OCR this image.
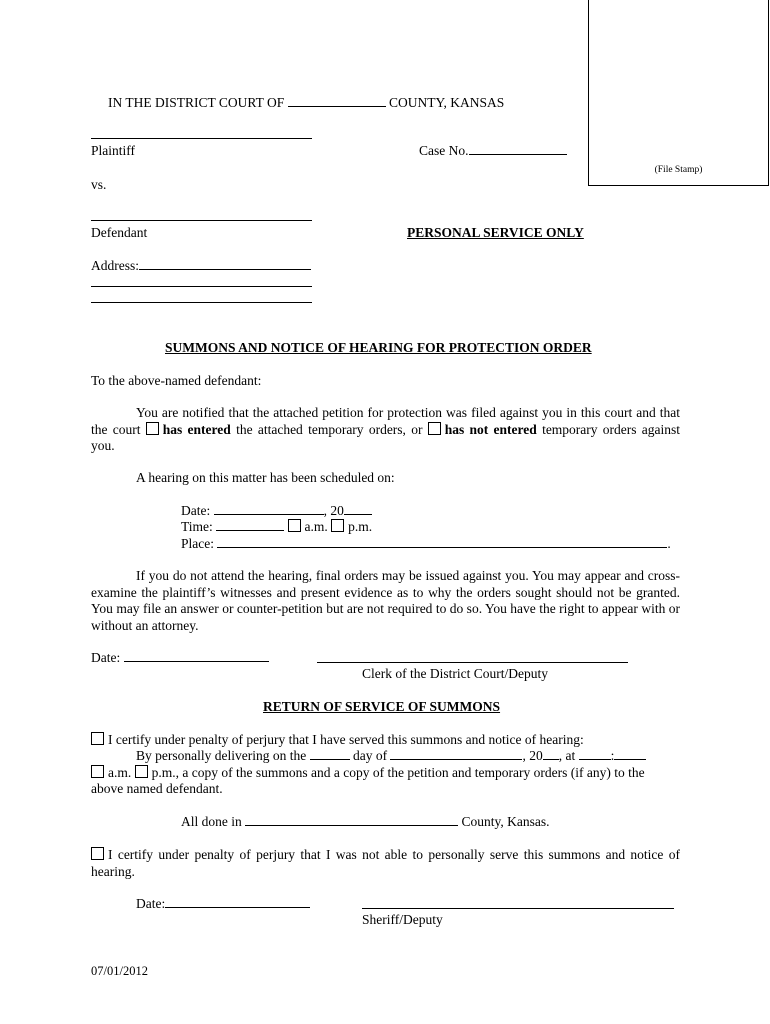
(File Stamp)
IN THE DISTRICT COURT OF	COUNTY, KANSAS
Plaintiff	Case No.
vs.
Defendant	PERSONAL SERVICE ONLY
Address:
SUMMONS AND NOTICE OF HEARING FOR PROTECTION ORDER
To the above-named defendant:
You are notified that the attached petition for protection was filed against you in this court and that the court has entered the attached temporary orders, or has not entered temporary orders against you.
A hearing on this matter has been scheduled on:
Date:	, 20
Time:	a.m. p.m.
Place:	.
If you do not attend the hearing, final orders may be issued against you. You may appear and cross-examine the plaintiff’s witnesses and present evidence as to why the orders sought should not be granted. You may file an answer or counter-petition but are not required to do so. You have the right to appear with or without an attorney.
Date:
Clerk of the District Court/Deputy
RETURN OF SERVICE OF SUMMONS
I certify under penalty of perjury that I have served this summons and notice of hearing:
By personally delivering on the	day of	, 20 , at	:
a.m. p.m., a copy of the summons and a copy of the petition and temporary orders (if any) to the
above named defendant.
All done in	County, Kansas.
I certify under penalty of perjury that I was not able to personally serve this summons and notice of hearing.
Date:
Sheriff/Deputy
07/01/2012
